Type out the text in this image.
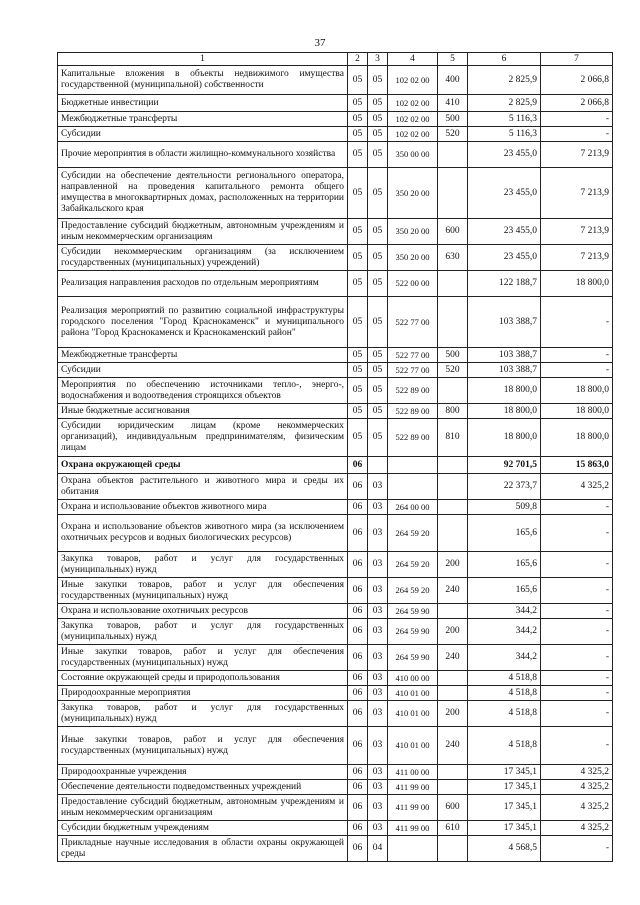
37
1	2	3	4	5	6	7
Капитальные вложения в объекты недвижимого имущества государственной (муниципальной) собственности	05	05	102 02 00	400	2 825,9	2 066,8
Бюджетные инвестиции	05	05	102 02 00	410	2 825,9	2 066,8
Межбюджетные трансферты	05	05	102 02 00	500	5 116,3	-
Субсидии	05	05	102 02 00	520	5 116,3	-
Прочие мероприятия в области жилищно-коммунального хозяйства	05	05	350 00 00		23 455,0	7 213,9
Субсидии на обеспечение деятельности регионального оператора, направленной на проведения капитального ремонта общего имущества в многоквартирных домах, расположенных на территории Забайкальского края	05	05	350 20 00		23 455,0	7 213,9
Предоставление субсидий бюджетным, автономным учреждениям и иным некоммерческим организациям	05	05	350 20 00	600	23 455,0	7 213,9
Субсидии некоммерческим организациям (за исключением государственных (муниципальных) учреждений)	05	05	350 20 00	630	23 455,0	7 213,9
Реализация направления расходов по отдельным мероприятиям	05	05	522 00 00		122 188,7	18 800,0
Реализация мероприятий по развитию социальной инфраструктуры городского поселения "Город Краснокаменск" и муниципального района "Город Краснокаменск и Краснокаменский район"	05	05	522 77 00		103 388,7	-
Межбюджетные трансферты	05	05	522 77 00	500	103 388,7	-
Субсидии	05	05	522 77 00	520	103 388,7	-
Мероприятия по обеспечению источниками тепло-, энерго-, водоснабжения и водоотведения строящихся объектов	05	05	522 89 00		18 800,0	18 800,0
Иные бюджетные ассигнования	05	05	522 89 00	800	18 800,0	18 800,0
Субсидии юридическим лицам (кроме некоммерческих организаций), индивидуальным предпринимателям, физическим лицам	05	05	522 89 00	810	18 800,0	18 800,0
Охрана окружающей среды	06				92 701,5	15 863,0
Охрана объектов растительного и животного мира и среды их обитания	06	03			22 373,7	4 325,2
Охрана и использование объектов животного мира	06	03	264 00 00		509,8	-
Охрана и использование объектов животного мира (за исключением охотничьих ресурсов и водных биологических ресурсов)	06	03	264 59 20		165,6	-
Закупка товаров, работ и услуг для государственных (муниципальных) нужд	06	03	264 59 20	200	165,6	-
Иные закупки товаров, работ и услуг для обеспечения государственных (муниципальных) нужд	06	03	264 59 20	240	165,6	-
Охрана и использование охотничьих ресурсов	06	03	264 59 90		344,2	-
Закупка товаров, работ и услуг для государственных (муниципальных) нужд	06	03	264 59 90	200	344,2	-
Иные закупки товаров, работ и услуг для обеспечения государственных (муниципальных) нужд	06	03	264 59 90	240	344,2	-
Состояние окружающей среды и природопользования	06	03	410 00 00		4 518,8	-
Природоохранные мероприятия	06	03	410 01 00		4 518,8	-
Закупка товаров, работ и услуг для государственных (муниципальных) нужд	06	03	410 01 00	200	4 518,8	-
Иные закупки товаров, работ и услуг для обеспечения государственных (муниципальных) нужд	06	03	410 01 00	240	4 518,8	-
Природоохранные учреждения	06	03	411 00 00		17 345,1	4 325,2
Обеспечение деятельности подведомственных учреждений	06	03	411 99 00		17 345,1	4 325,2
Предоставление субсидий бюджетным, автономным учреждениям и иным некоммерческим организациям	06	03	411 99 00	600	17 345,1	4 325,2
Субсидии бюджетным учреждениям	06	03	411 99 00	610	17 345,1	4 325,2
Прикладные научные исследования в области охраны окружающей среды	06	04			4 568,5	-
